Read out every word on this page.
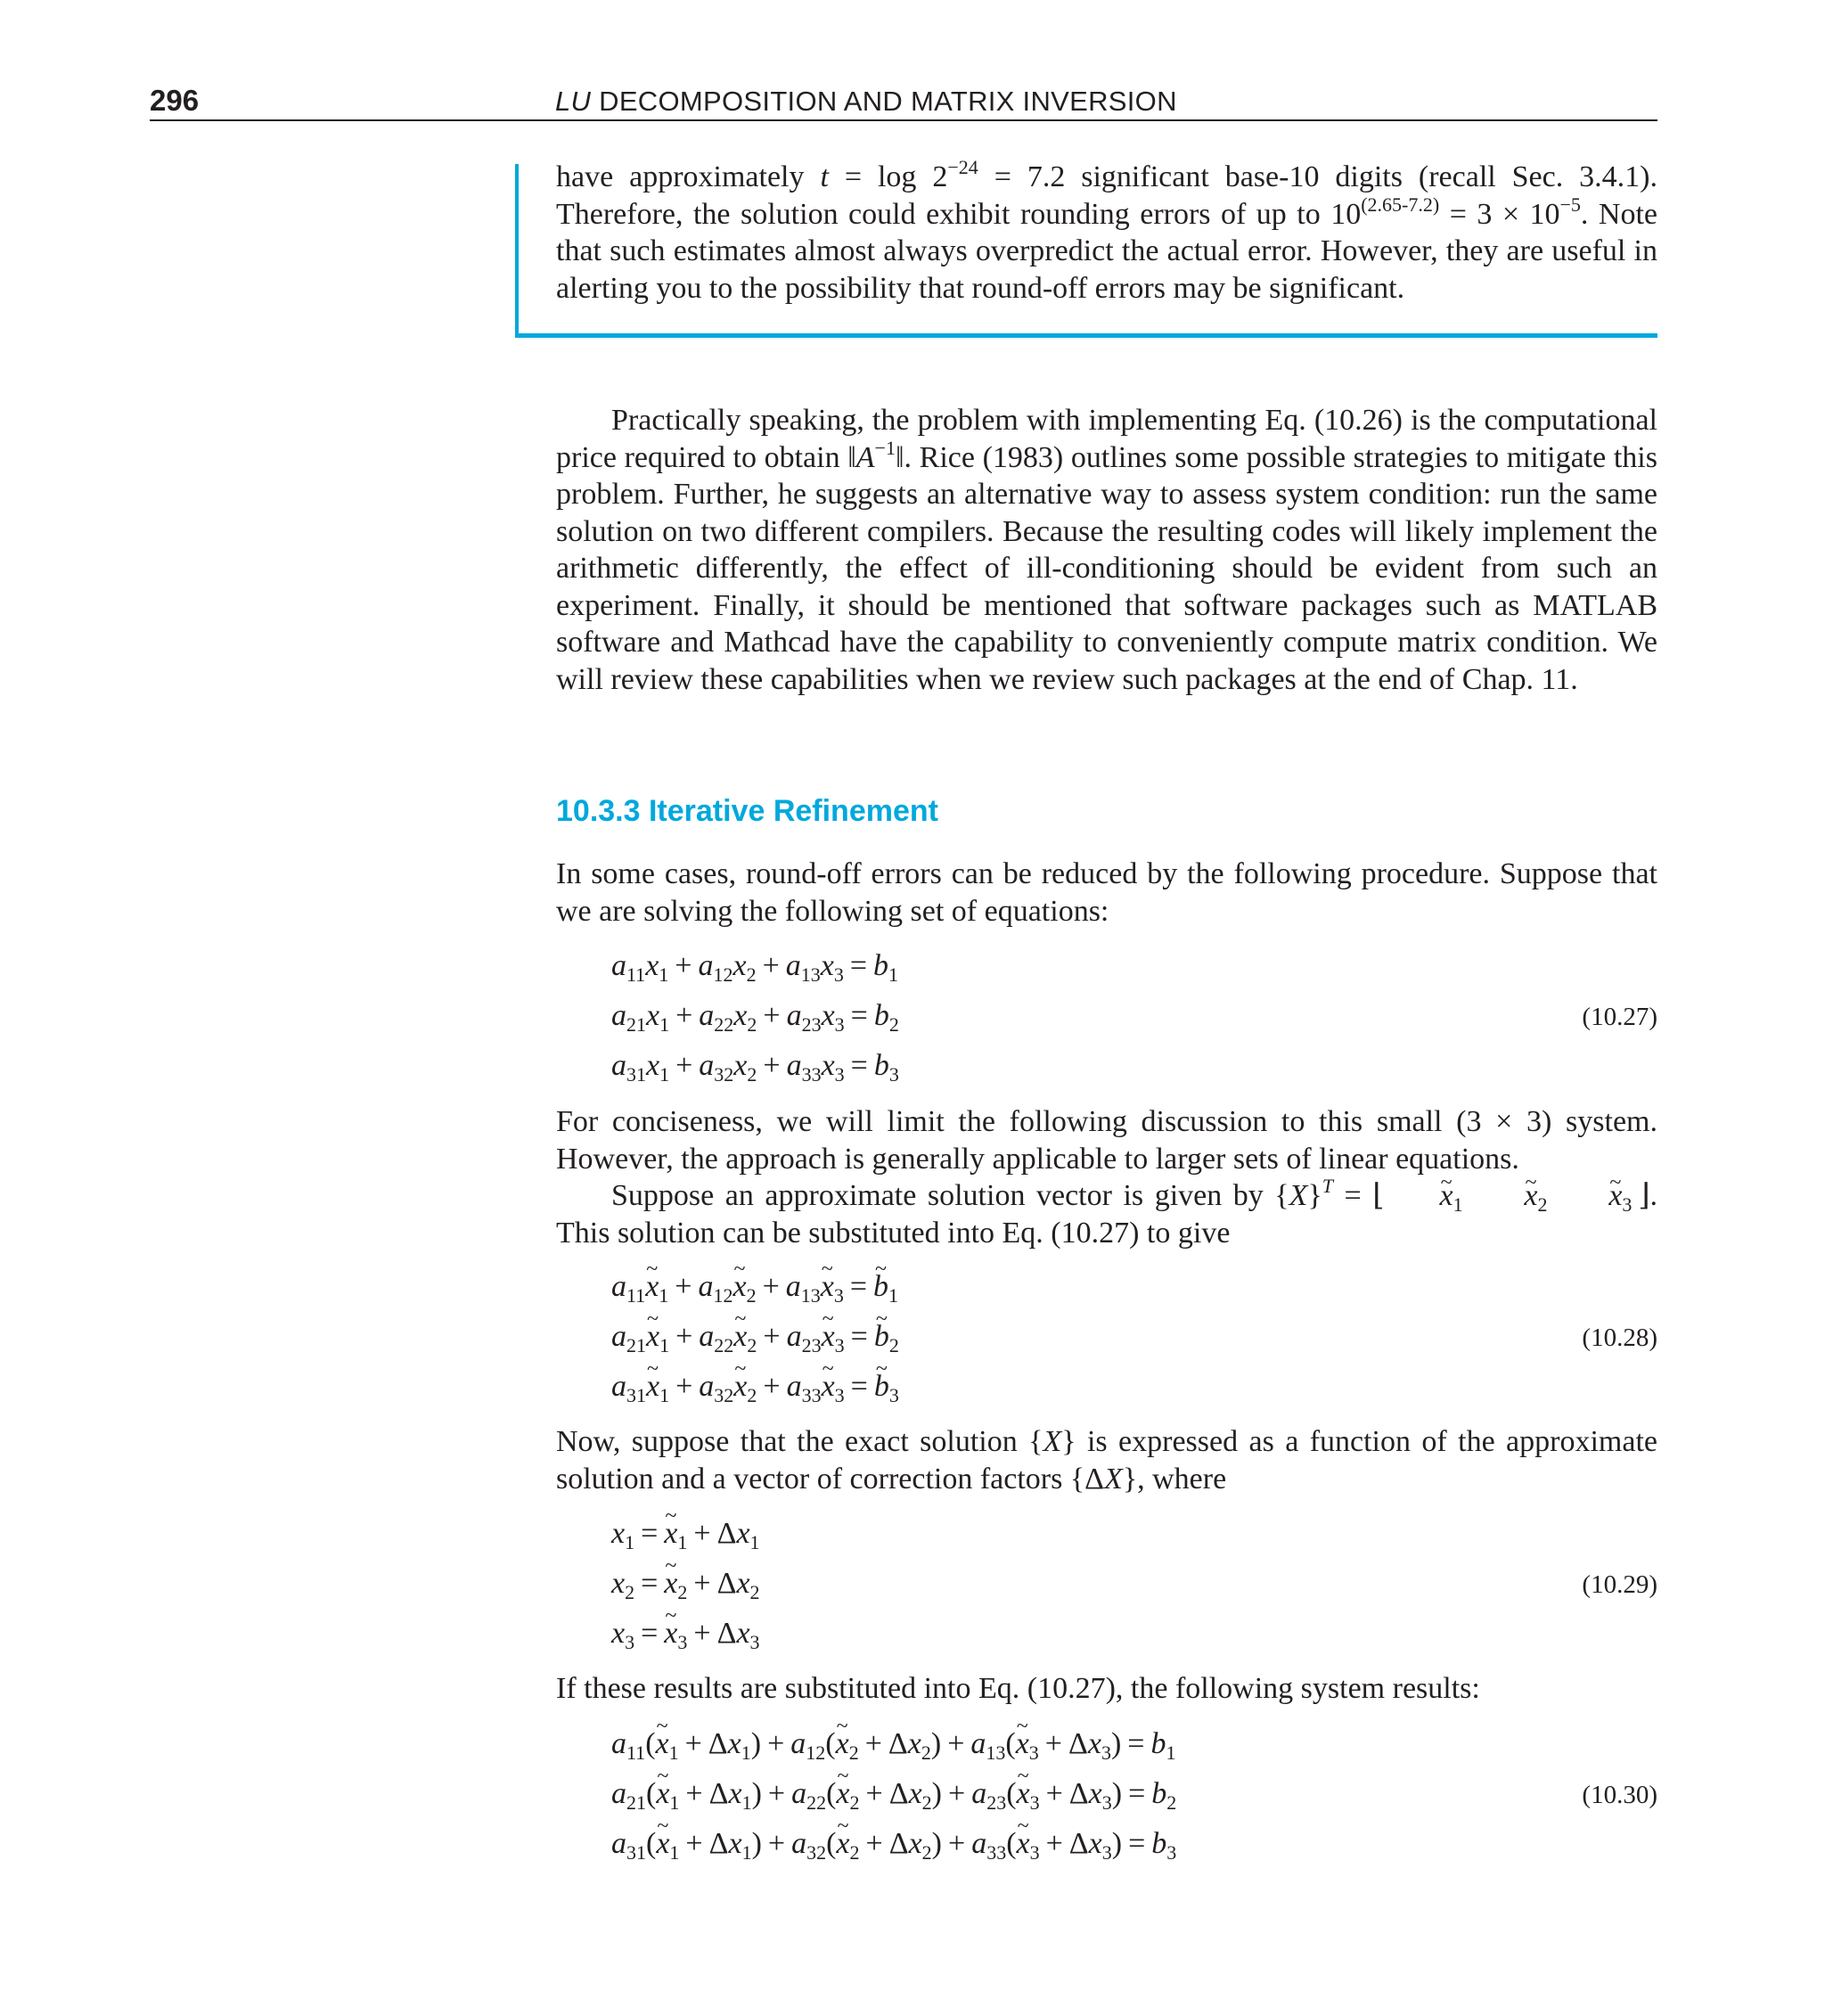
296	LU DECOMPOSITION AND MATRIX INVERSION

have approximately $t = \log 2^{-24} = 7.2$ significant base-10 digits (recall Sec. 3.4.1). Therefore, the solution could exhibit rounding errors of up to $10^{(2.65-7.2)} = 3 \times 10^{-5}$. Note that such estimates almost always overpredict the actual error. However, they are useful in alerting you to the possibility that round-off errors may be significant.

Practically speaking, the problem with implementing Eq. (10.26) is the computational price required to obtain $‖A^{-1}‖$. Rice (1983) outlines some possible strategies to mitigate this problem. Further, he suggests an alternative way to assess system condition: run the same solution on two different compilers. Because the resulting codes will likely implement the arithmetic differently, the effect of ill-conditioning should be evident from such an experiment. Finally, it should be mentioned that software packages such as MATLAB software and Mathcad have the capability to conveniently compute matrix condition. We will review these capabilities when we review such packages at the end of Chap. 11.

10.3.3 Iterative Refinement

In some cases, round-off errors can be reduced by the following procedure. Suppose that we are solving the following set of equations:

$a_{11}x_1 + a_{12}x_2 + a_{13}x_3 = b_1$
$a_{21}x_1 + a_{22}x_2 + a_{23}x_3 = b_2$
$a_{31}x_1 + a_{32}x_2 + a_{33}x_3 = b_3$
(10.27)

For conciseness, we will limit the following discussion to this small (3 × 3) system. However, the approach is generally applicable to larger sets of linear equations.

Suppose an approximate solution vector is given by $\{X\}^T$ = ⌊ x $\sim_1$  x $\sim_2$  x $\sim_3$  ⌋. This solution can be substituted into Eq. (10.27) to give

$a_{11}x$ $\sim_1 + a_{12}x$ $\sim_2 + a_{13}x$ $\sim_3 = b$ $\sim_1$
$a_{21}x$ $\sim_1 + a_{22}x$ $\sim_2 + a_{23}x$ $\sim_3 = b$ $\sim_2$
$a_{31}x$ $\sim_1 + a_{32}x$ $\sim_2 + a_{33}x$ $\sim_3 = b$ $\sim_3$
(10.28)

Now, suppose that the exact solution {X} is expressed as a function of the approximate solution and a vector of correction factors {ΔX}, where

$x_1 = x$ $\sim_1 + \Delta x_1$
$x_2 = x$ $\sim_2 + \Delta x_2$
$x_3 = x$ $\sim_3 + \Delta x_3$
(10.29)

If these results are substituted into Eq. (10.27), the following system results:

$a_{11}(x$ $\sim_1 + \Delta x_1) + a_{12}(x$ $\sim_2 + \Delta x_2) + a_{13}(x$ $\sim_3 + \Delta x_3) = b_1$
$a_{21}(x$ $\sim_1 + \Delta x_1) + a_{22}(x$ $\sim_2 + \Delta x_2) + a_{23}(x$ $\sim_3 + \Delta x_3) = b_2$
$a_{31}(x$ $\sim_1 + \Delta x_1) + a_{32}(x$ $\sim_2 + \Delta x_2) + a_{33}(x$ $\sim_3 + \Delta x_3) = b_3$
(10.30)
